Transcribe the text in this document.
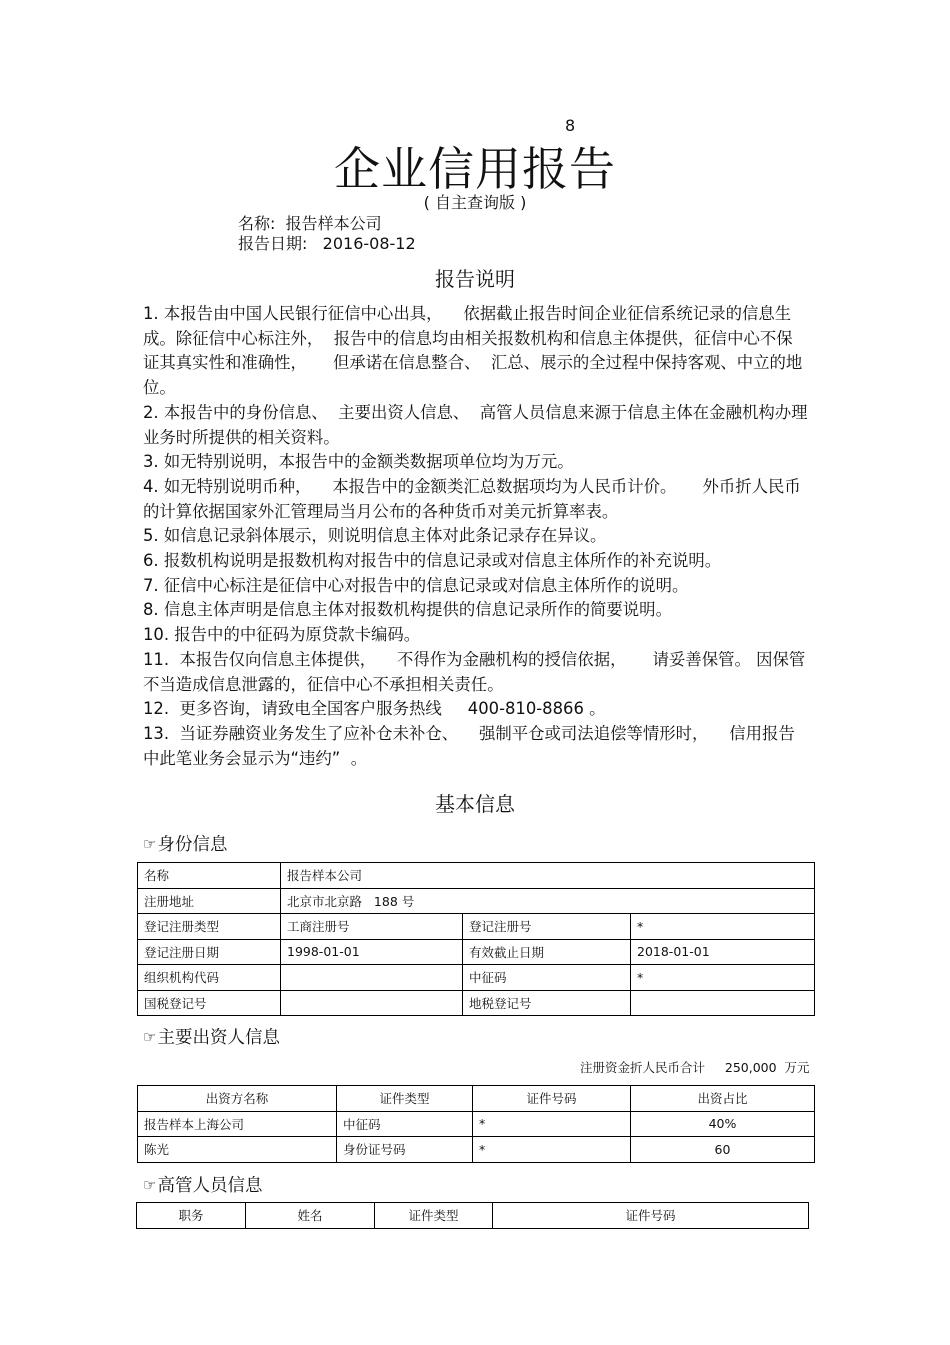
8
企业信用报告
( 自主查询版 )
名称:  报告样本公司
报告日期:   2016-08-12
报告说明

1. 本报告由中国人民银行征信中心出具，    依据截止报告时间企业征信系统记录的信息生成。除征信中心标注外，  报告中的信息均由相关报数机构和信息主体提供，征信中心不保证其真实性和准确性，     但承诺在信息整合、  汇总、展示的全过程中保持客观、中立的地位。

2. 本报告中的身份信息、  主要出资人信息、  高管人员信息来源于信息主体在金融机构办理业务时所提供的相关资料。

3. 如无特别说明，本报告中的金额类数据项单位均为万元。

4. 如无特别说明币种，    本报告中的金额类汇总数据项均为人民币计价。     外币折人民币的计算依据国家外汇管理局当月公布的各种货币对美元折算率表。

5. 如信息记录斜体展示，则说明信息主体对此条记录存在异议。

6. 报数机构说明是报数机构对报告中的信息记录或对信息主体所作的补充说明。

7. 征信中心标注是征信中心对报告中的信息记录或对信息主体所作的说明。

8. 信息主体声明是信息主体对报数机构提供的信息记录所作的简要说明。

10. 报告中的中征码为原贷款卡编码。

11.  本报告仅向信息主体提供，    不得作为金融机构的授信依据，     请妥善保管。 因保管不当造成信息泄露的，征信中心不承担相关责任。

12.  更多咨询，请致电全国客户服务热线     400-810-8866 。

13.  当证券融资业务发生了应补仓未补仓、    强制平仓或司法追偿等情形时，    信用报告中此笔业务会显示为“违约”  。

基本信息
☞ 身份信息
名称	报告样本公司		
注册地址	北京市北京路   188 号		
登记注册类型	工商注册号	登记注册号	*
登记注册日期	1998-01-01	有效截止日期	2018-01-01
组织机构代码		中征码	*
国税登记号		地税登记号	
☞ 主要出资人信息
注册资金折人民币合计     250,000  万元
出资方名称	证件类型	证件号码	出资占比
报告样本上海公司	中征码	*	40%
陈光	身份证号码	*	60
☞ 高管人员信息
职务	姓名	证件类型	证件号码
